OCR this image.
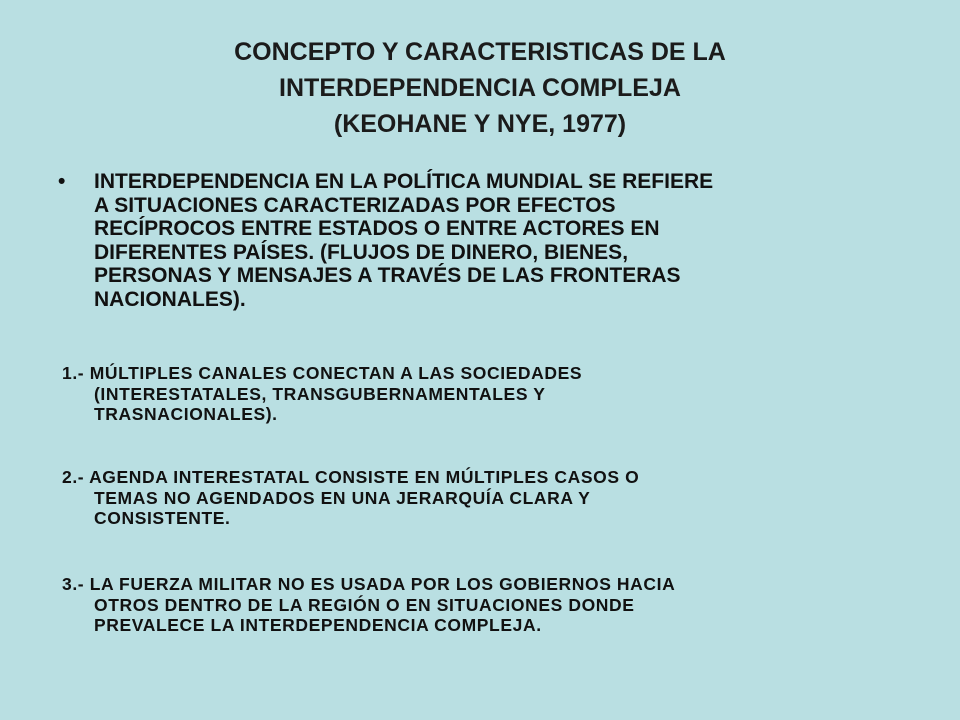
CONCEPTO Y CARACTERISTICAS DE LA
INTERDEPENDENCIA COMPLEJA
(KEOHANE Y NYE, 1977)
• INTERDEPENDENCIA EN LA POLÍTICA MUNDIAL SE REFIERE
A SITUACIONES CARACTERIZADAS POR EFECTOS
RECÍPROCOS ENTRE ESTADOS O ENTRE ACTORES EN
DIFERENTES PAÍSES. (FLUJOS DE DINERO, BIENES,
PERSONAS Y MENSAJES A TRAVÉS DE LAS FRONTERAS
NACIONALES).
1.- MÚLTIPLES CANALES CONECTAN A LAS SOCIEDADES
(INTERESTATALES, TRANSGUBERNAMENTALES Y
TRASNACIONALES).
2.- AGENDA INTERESTATAL CONSISTE EN MÚLTIPLES CASOS O
TEMAS NO AGENDADOS EN UNA JERARQUÍA CLARA Y
CONSISTENTE.
3.- LA FUERZA MILITAR NO ES USADA POR LOS GOBIERNOS HACIA
OTROS DENTRO DE LA REGIÓN O EN SITUACIONES DONDE
PREVALECE LA INTERDEPENDENCIA COMPLEJA.
